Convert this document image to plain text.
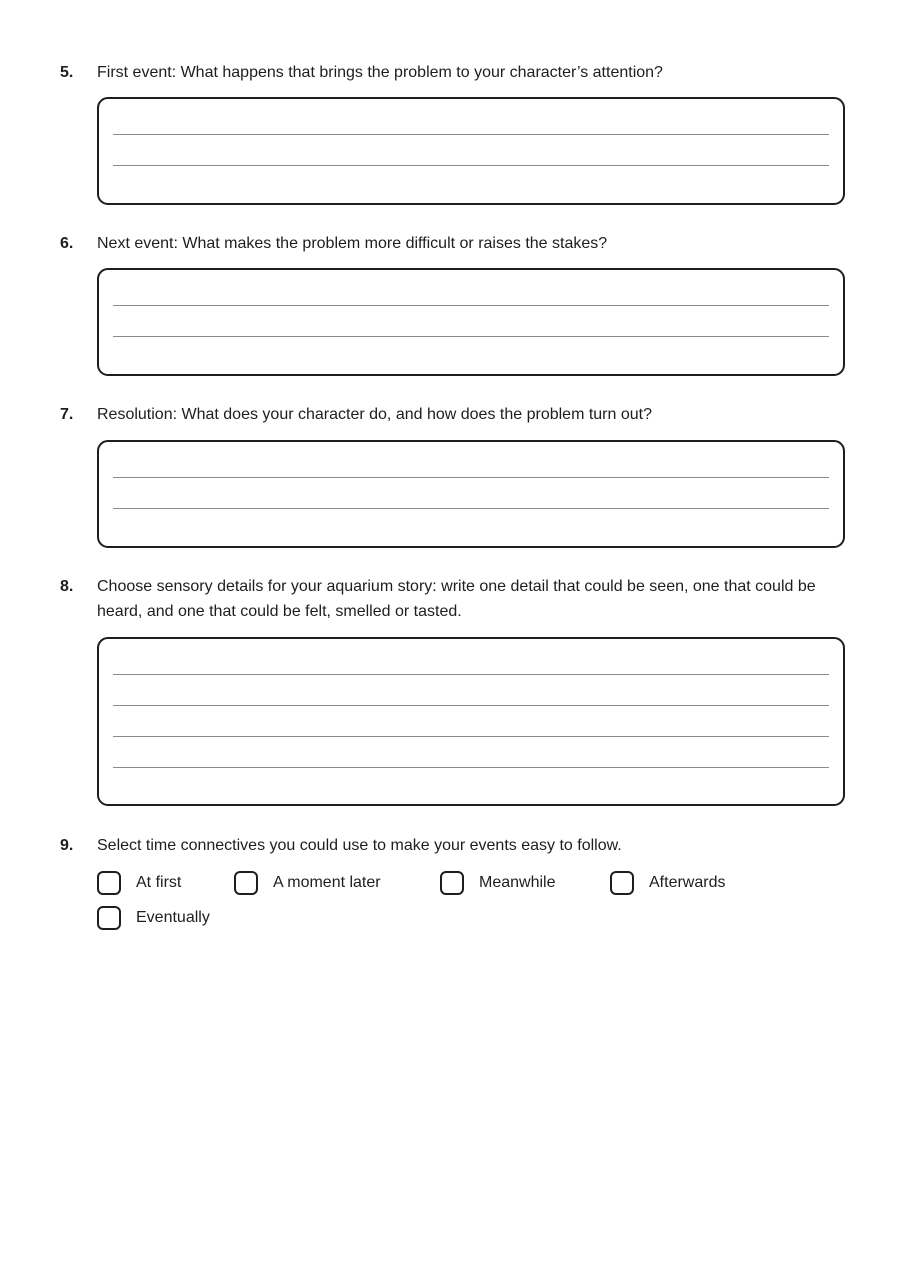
5. First event: What happens that brings the problem to your character’s attention?
6. Next event: What makes the problem more difficult or raises the stakes?
7. Resolution: What does your character do, and how does the problem turn out?
8. Choose sensory details for your aquarium story: write one detail that could be seen, one that could be heard, and one that could be felt, smelled or tasted.
9. Select time connectives you could use to make your events easy to follow.
At first	A moment later	Meanwhile	Afterwards
Eventually
